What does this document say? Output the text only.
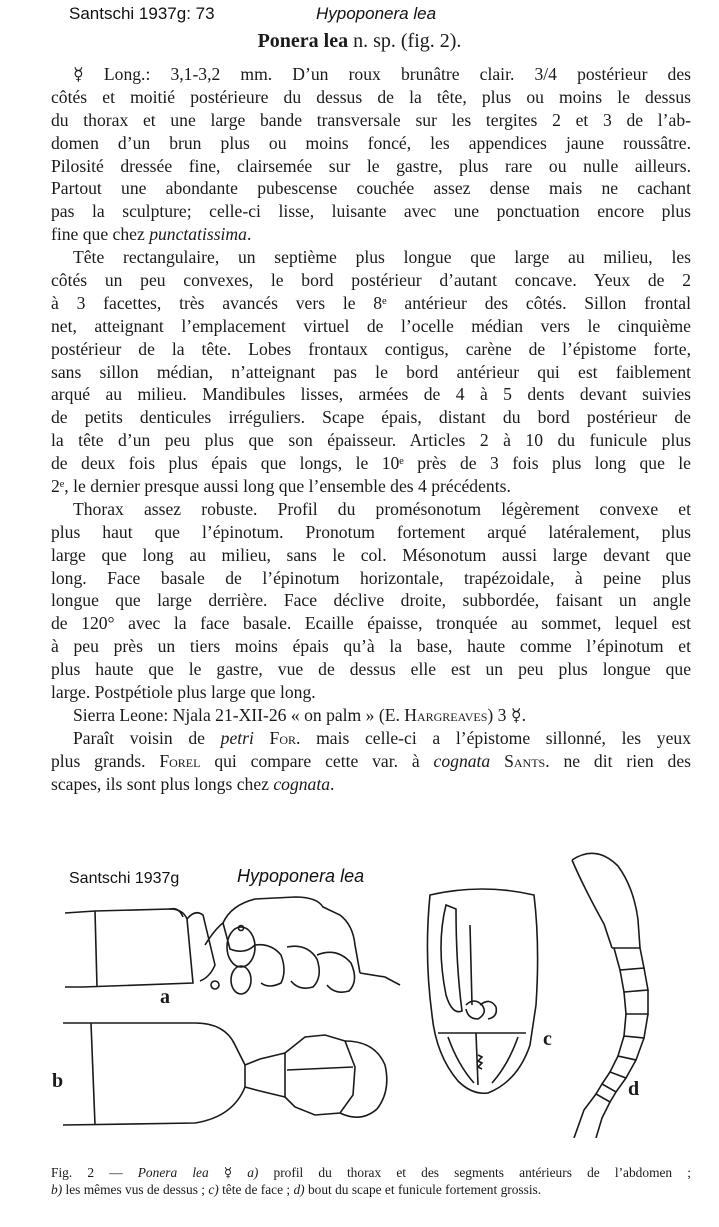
Santschi 1937g: 73	Hypoponera lea
Ponera lea n. sp. (fig. 2).
☿ Long.: 3,1-3,2 mm. D’un roux brunâtre clair. 3/4 postérieur des
côtés et moitié postérieure du dessus de la tête, plus ou moins le dessus
du thorax et une large bande transversale sur les tergites 2 et 3 de l’ab-
domen d’un brun plus ou moins foncé, les appendices jaune roussâtre.
Pilosité dressée fine, clairsemée sur le gastre, plus rare ou nulle ailleurs.
Partout une abondante pubescense couchée assez dense mais ne cachant
pas la sculpture; celle-ci lisse, luisante avec une ponctuation encore plus
fine que chez punctatissima.
Tête rectangulaire, un septième plus longue que large au milieu, les
côtés un peu convexes, le bord postérieur d’autant concave. Yeux de 2
à 3 facettes, très avancés vers le 8ᵉ antérieur des côtés. Sillon frontal
net, atteignant l’emplacement virtuel de l’ocelle médian vers le cinquième
postérieur de la tête. Lobes frontaux contigus, carène de l’épistome forte,
sans sillon médian, n’atteignant pas le bord antérieur qui est faiblement
arqué au milieu. Mandibules lisses, armées de 4 à 5 dents devant suivies
de petits denticules irréguliers. Scape épais, distant du bord postérieur de
la tête d’un peu plus que son épaisseur. Articles 2 à 10 du funicule plus
de deux fois plus épais que longs, le 10ᵉ près de 3 fois plus long que le
2ᵉ, le dernier presque aussi long que l’ensemble des 4 précédents.
Thorax assez robuste. Profil du promésonotum légèrement convexe et
plus haut que l’épinotum. Pronotum fortement arqué latéralement, plus
large que long au milieu, sans le col. Mésonotum aussi large devant que
long. Face basale de l’épinotum horizontale, trapézoidale, à peine plus
longue que large derrière. Face déclive droite, subbordée, faisant un angle
de 120° avec la face basale. Ecaille épaisse, tronquée au sommet, lequel est
à peu près un tiers moins épais qu’à la base, haute comme l’épinotum et
plus haute que le gastre, vue de dessus elle est un peu plus longue que
large. Postpétiole plus large que long.
Sierra Leone: Njala 21-XII-26 « on palm » (E. Hargreaves) 3 ☿.
Paraît voisin de petri For. mais celle-ci a l’épistome sillonné, les yeux
plus grands. Forel qui compare cette var. à cognata Sants. ne dit rien des
scapes, ils sont plus longs chez cognata.
Santschi 1937g	Hypoponera lea
a
b
c
d
Fig. 2 — Ponera lea ☿ a) profil du thorax et des segments antérieurs de l’abdomen ;
b) les mêmes vus de dessus ; c) tête de face ; d) bout du scape et funicule fortement grossis.
